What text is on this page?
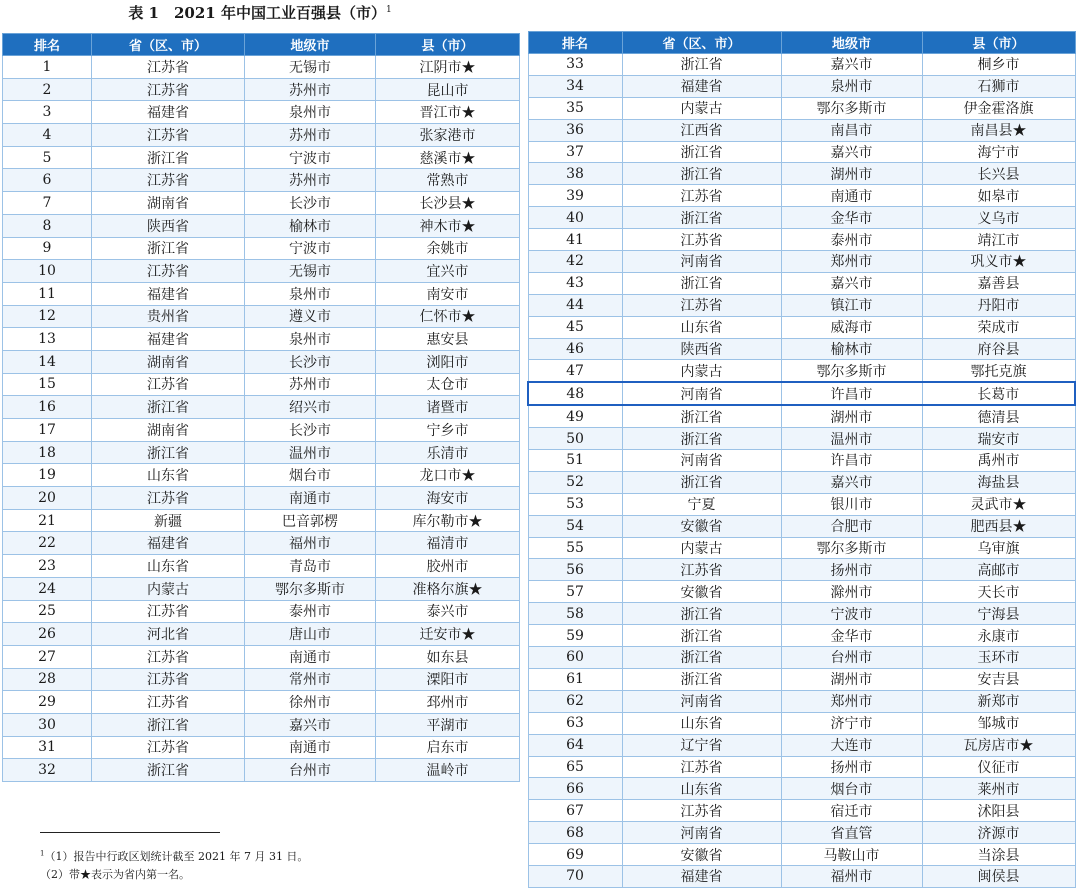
表 1　2021 年中国工业百强县（市）$^1$
排名	省（区、市）	地级市	县（市）
1	江苏省	无锡市	江阴市★
2	江苏省	苏州市	昆山市
3	福建省	泉州市	晋江市★
4	江苏省	苏州市	张家港市
5	浙江省	宁波市	慈溪市★
6	江苏省	苏州市	常熟市
7	湖南省	长沙市	长沙县★
8	陕西省	榆林市	神木市★
9	浙江省	宁波市	余姚市
10	江苏省	无锡市	宜兴市
11	福建省	泉州市	南安市
12	贵州省	遵义市	仁怀市★
13	福建省	泉州市	惠安县
14	湖南省	长沙市	浏阳市
15	江苏省	苏州市	太仓市
16	浙江省	绍兴市	诸暨市
17	湖南省	长沙市	宁乡市
18	浙江省	温州市	乐清市
19	山东省	烟台市	龙口市★
20	江苏省	南通市	海安市
21	新疆	巴音郭楞	库尔勒市★
22	福建省	福州市	福清市
23	山东省	青岛市	胶州市
24	内蒙古	鄂尔多斯市	准格尔旗★
25	江苏省	泰州市	泰兴市
26	河北省	唐山市	迁安市★
27	江苏省	南通市	如东县
28	江苏省	常州市	溧阳市
29	江苏省	徐州市	邳州市
30	浙江省	嘉兴市	平湖市
31	江苏省	南通市	启东市
32	浙江省	台州市	温岭市
排名	省（区、市）	地级市	县（市）
33	浙江省	嘉兴市	桐乡市
34	福建省	泉州市	石狮市
35	内蒙古	鄂尔多斯市	伊金霍洛旗
36	江西省	南昌市	南昌县★
37	浙江省	嘉兴市	海宁市
38	浙江省	湖州市	长兴县
39	江苏省	南通市	如皋市
40	浙江省	金华市	义乌市
41	江苏省	泰州市	靖江市
42	河南省	郑州市	巩义市★
43	浙江省	嘉兴市	嘉善县
44	江苏省	镇江市	丹阳市
45	山东省	威海市	荣成市
46	陕西省	榆林市	府谷县
47	内蒙古	鄂尔多斯市	鄂托克旗
48	河南省	许昌市	长葛市
49	浙江省	湖州市	德清县
50	浙江省	温州市	瑞安市
51	河南省	许昌市	禹州市
52	浙江省	嘉兴市	海盐县
53	宁夏	银川市	灵武市★
54	安徽省	合肥市	肥西县★
55	内蒙古	鄂尔多斯市	乌审旗
56	江苏省	扬州市	高邮市
57	安徽省	滁州市	天长市
58	浙江省	宁波市	宁海县
59	浙江省	金华市	永康市
60	浙江省	台州市	玉环市
61	浙江省	湖州市	安吉县
62	河南省	郑州市	新郑市
63	山东省	济宁市	邹城市
64	辽宁省	大连市	瓦房店市★
65	江苏省	扬州市	仪征市
66	山东省	烟台市	莱州市
67	江苏省	宿迁市	沭阳县
68	河南省	省直管	济源市
69	安徽省	马鞍山市	当涂县
70	福建省	福州市	闽侯县
$^1$（1）报告中行政区划统计截至 2021 年 7 月 31 日。
（2）带★表示为省内第一名。
